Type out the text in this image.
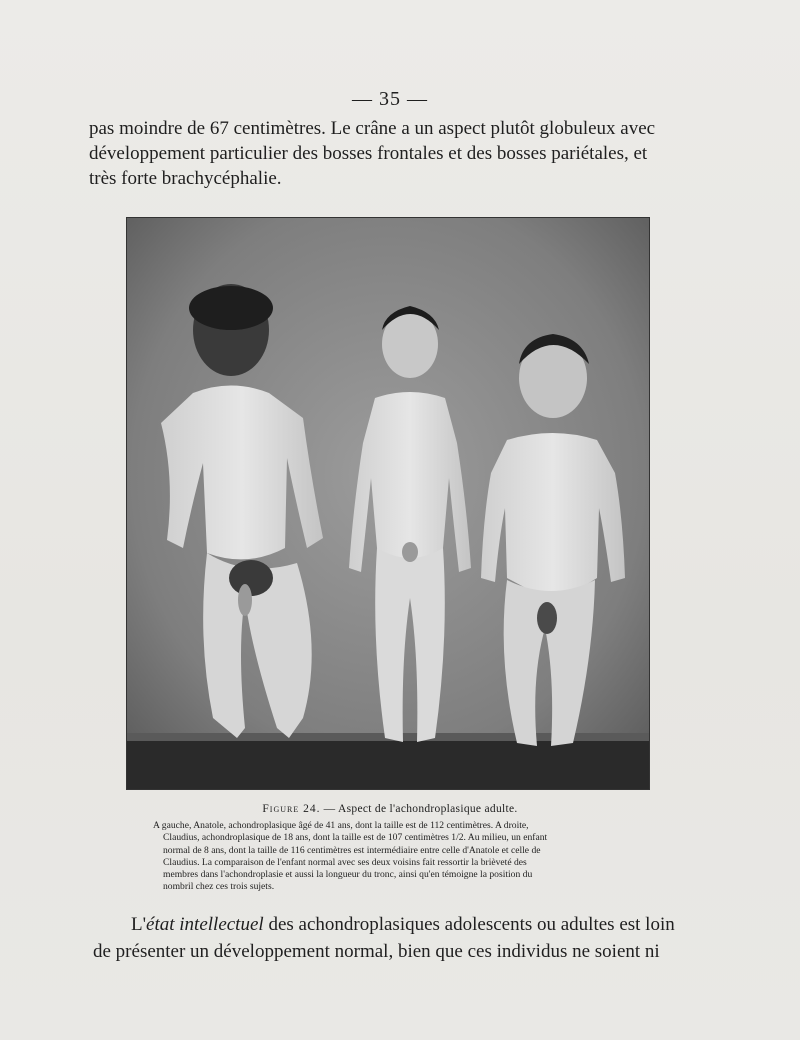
— 35 —
pas moindre de 67 centimètres. Le crâne a un aspect plutôt globuleux avec
développement particulier des bosses frontales et des bosses pariétales, et
très forte brachycéphalie.
Figure 24. — Aspect de l'achondroplasique adulte.
A gauche, Anatole, achondroplasique âgé de 41 ans, dont la taille est de 112 centimètres. A droite,
Claudius, achondroplasique de 18 ans, dont la taille est de 107 centimètres 1/2. Au milieu, un enfant
normal de 8 ans, dont la taille de 116 centimètres est intermédiaire entre celle d'Anatole et celle de
Claudius. La comparaison de l'enfant normal avec ses deux voisins fait ressortir la brièveté des
membres dans l'achondroplasie et aussi la longueur du tronc, ainsi qu'en témoigne la position du
nombril chez ces trois sujets.
L'état intellectuel des achondroplasiques adolescents ou adultes est loin
de présenter un développement normal, bien que ces individus ne soient ni
